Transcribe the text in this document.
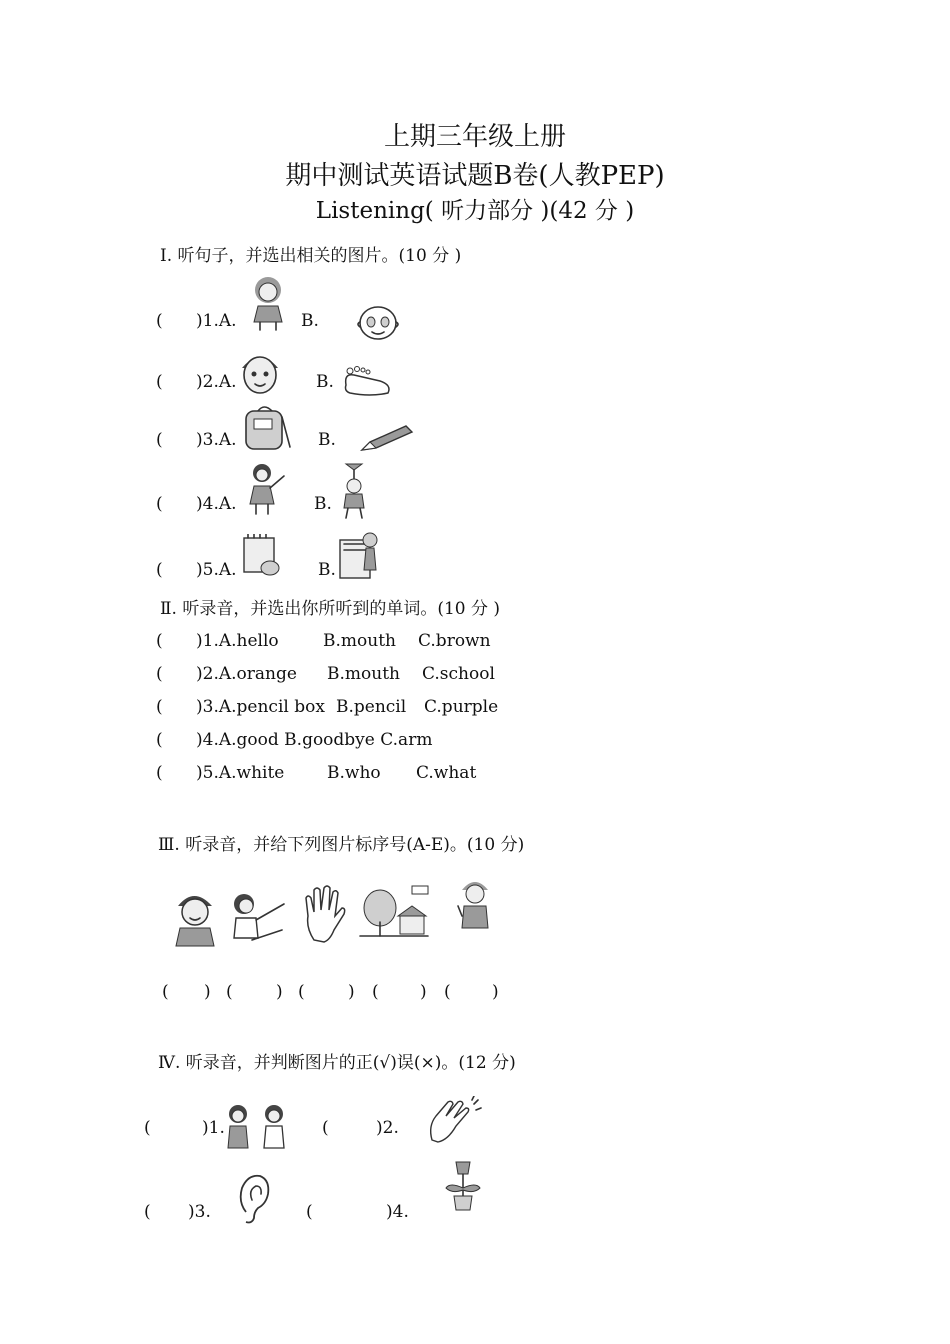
上期三年级上册
期中测试英语试题B卷(人教PEP)
Listening( 听力部分 )(42 分 )
Ⅰ. 听句子，并选出相关的图片。(10 分 )
( )1.A.	B.
( )2.A.	B.
( )3.A.	B.
( )4.A.	B.
( )5.A.	B.
Ⅱ. 听录音，并选出你所听到的单词。(10 分 )
( )1.A.hello	B.mouth C.brown
( )2.A.orange B.mouth C.school
( )3.A.pencil box B.pencil C.purple
( )4.A.good B.goodbye C.arm
( )5.A.white	B.who C.what
Ⅲ. 听录音，并给下列图片标序号(A-E)。(10 分)
( ) (	) (	) ( ) ( )
Ⅳ. 听录音，并判断图片的正(√)误(×)。(12 分)
(	)1.	(	)2.
( )3.	(	)4.
